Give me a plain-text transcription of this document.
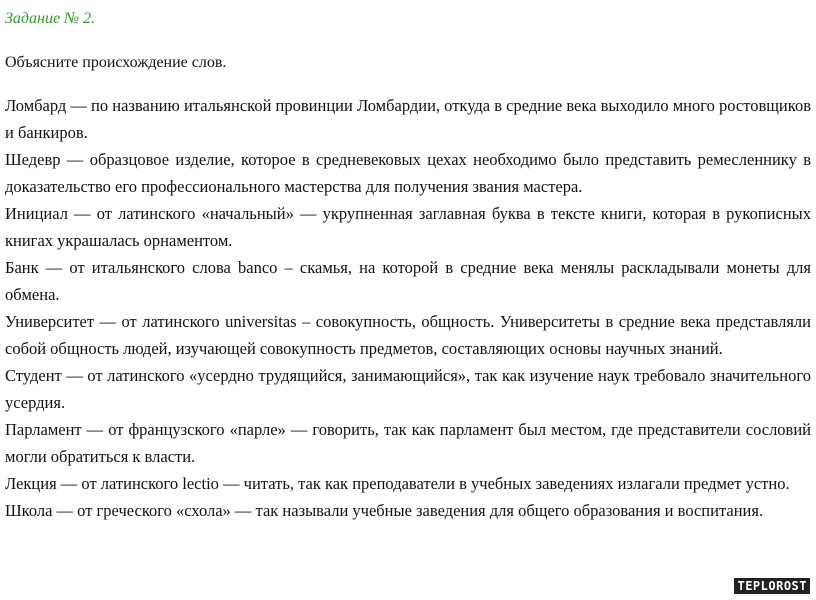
Задание № 2.
Объясните происхождение слов.

Ломбард — по названию итальянской провинции Ломбардии, откуда в средние века выходило много ростовщиков и банкиров.

Шедевр — образцовое изделие, которое в средневековых цехах необходимо было представить ремесленнику в доказательство его профессионального мастерства для получения звания мастера.

Инициал — от латинского «начальный» — укрупненная заглавная буква в тексте книги, которая в рукописных книгах украшалась орнаментом.

Банк — от итальянского слова banco – скамья, на которой в средние века менялы раскладывали монеты для обмена.

Университет — от латинского universitas – совокупность, общность. Университеты в средние века представляли собой общность людей, изучающей совокупность предметов, составляющих основы научных знаний.

Студент — от латинского «усердно трудящийся, занимающийся», так как изучение наук требовало значительного усердия.

Парламент — от французского «парле» — говорить, так как парламент был местом, где представители сословий могли обратиться к власти.

Лекция — от латинского lectio — читать, так как преподаватели в учебных заведениях излагали предмет устно.

Школа — от греческого «схола» — так называли учебные заведения для общего образования и воспитания.

TEPLOROST
